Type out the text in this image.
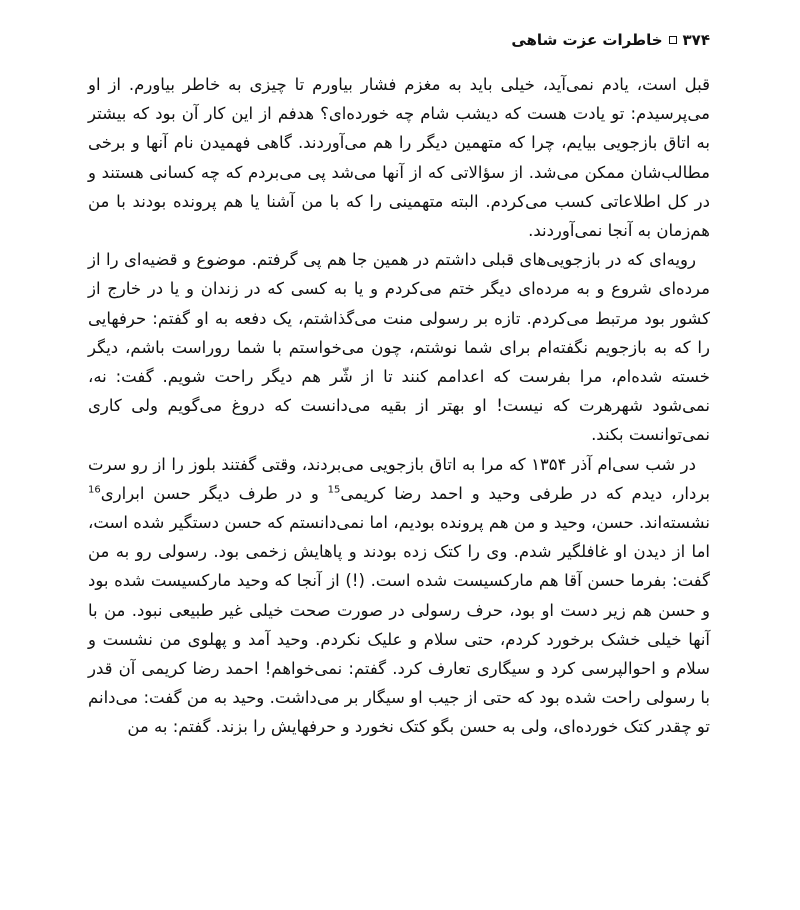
۳۷۴
خاطرات عزت شاهی

قبل است، یادم نمی‌آید، خیلی باید به مغزم فشار بیاورم تا چیزی به خاطر بیاورم. از او می‌پرسیدم: تو یادت هست که دیشب شام چه خورده‌ای؟ هدفم از این کار آن بود که بیشتر به اتاق بازجویی بیایم، چرا که متهمین دیگر را هم می‌آوردند. گاهی فهمیدن نام آنها و برخی مطالب‌شان ممکن می‌شد. از سؤالاتی که از آنها می‌شد پی می‌بردم که چه کسانی هستند و در کل اطلاعاتی کسب می‌کردم. البته متهمینی را که با من آشنا یا هم پرونده بودند با من هم‌زمان به آنجا نمی‌آوردند.

رویه‌ای که در بازجویی‌های قبلی داشتم در همین جا هم پی گرفتم. موضوع و قضیه‌ای را از مرده‌ای شروع و به مرده‌ای دیگر ختم می‌کردم و یا به کسی که در زندان و یا در خارج از کشور بود مرتبط می‌کردم. تازه بر رسولی منت می‌گذاشتم، یک دفعه به او گفتم: حرفهایی را که به بازجویم نگفته‌ام برای شما نوشتم، چون می‌خواستم با شما روراست باشم، دیگر خسته شده‌ام، مرا بفرست که اعدامم کنند تا از شّر هم دیگر راحت شویم. گفت: نه، نمی‌شود شهرهرت که نیست! او بهتر از بقیه می‌دانست که دروغ می‌گویم ولی کاری نمی‌توانست بکند.

در شب سی‌ام آذر ۱۳۵۴ که مرا به اتاق بازجویی می‌بردند، وقتی گفتند بلوز را از رو سرت بردار، دیدم که در طرفی وحید و احمد رضا کریمی$^{15}$ و در طرف دیگر حسن ابراری$^{16}$ نشسته‌اند. حسن، وحید و من هم پرونده بودیم، اما نمی‌دانستم که حسن دستگیر شده است، اما از دیدن او غافلگیر شدم. وی را کتک زده بودند و پاهایش زخمی بود. رسولی رو به من گفت: بفرما حسن آقا هم مارکسیست شده است. (!) از آنجا که وحید مارکسیست شده بود و حسن هم زیر دست او بود، حرف رسولی در صورت صحت خیلی غیر طبیعی نبود. من با آنها خیلی خشک برخورد کردم، حتی سلام و علیک نکردم. وحید آمد و پهلوی من نشست و سلام و احوالپرسی کرد و سیگاری تعارف کرد. گفتم: نمی‌خواهم! احمد رضا کریمی آن قدر با رسولی راحت شده بود که حتی از جیب او سیگار بر می‌داشت. وحید به من گفت: می‌دانم تو چقدر کتک خورده‌ای، ولی به حسن بگو کتک نخورد و حرفهایش را بزند. گفتم: به من
